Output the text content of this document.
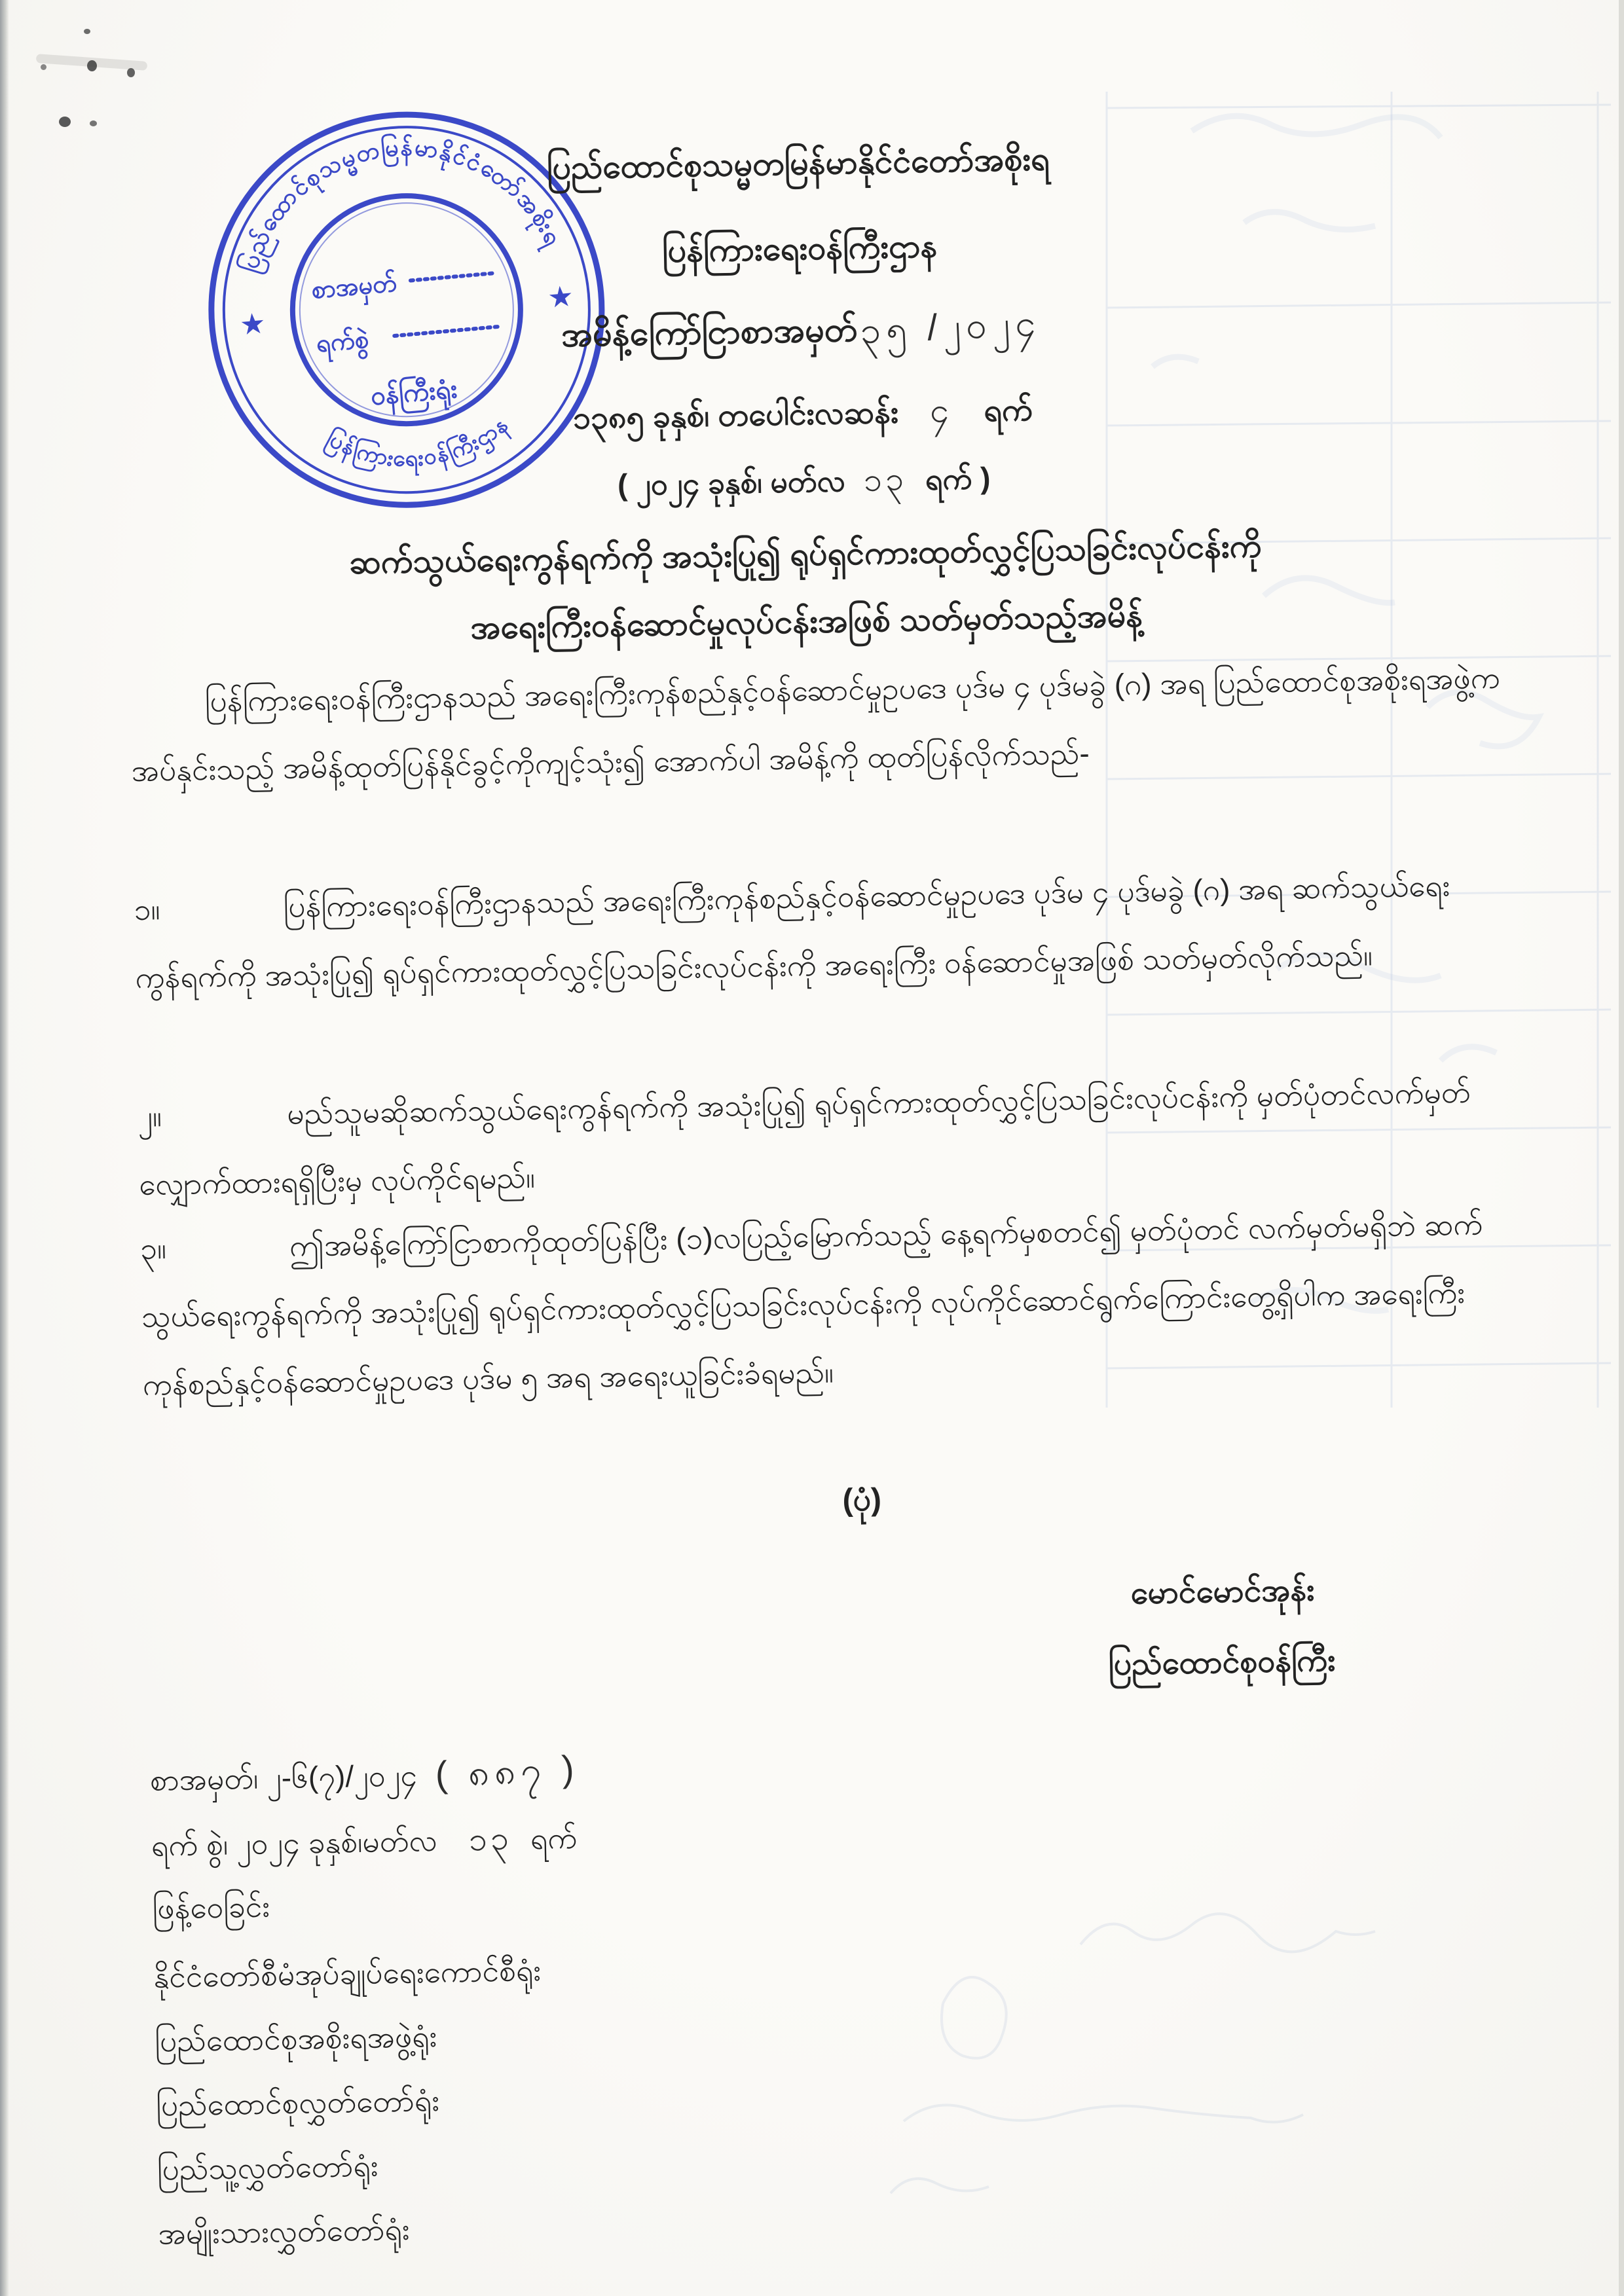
ပြည်ထောင်စုသမ္မတမြန်မာနိုင်ငံတော်အစိုးရ
ပြန်ကြားရေးဝန်ကြီးဌာန
★
★
စာအမှတ်
ရက်စွဲ
ဝန်ကြီးရုံး
ပြည်ထောင်စုသမ္မတမြန်မာနိုင်ငံတော်အစိုးရ
ပြန်ကြားရေးဝန်ကြီးဌာန
အမိန့်ကြော်ငြာစာအမှတ် ၃၅ /၂၀၂၄
၁၃၈၅ ခုနှစ်၊ တပေါင်းလဆန်း ၄ ရက်
( ၂၀၂၄ ခုနှစ်၊ မတ်လ ၁၃ ရက် )
ဆက်သွယ်ရေးကွန်ရက်ကို အသုံးပြု၍ ရုပ်ရှင်ကားထုတ်လွှင့်ပြသခြင်းလုပ်ငန်းကို
အရေးကြီးဝန်ဆောင်မှုလုပ်ငန်းအဖြစ် သတ်မှတ်သည့်အမိန့်
ပြန်ကြားရေးဝန်ကြီးဌာနသည် အရေးကြီးကုန်စည်နှင့်ဝန်ဆောင်မှုဥပဒေ ပုဒ်မ ၄ ပုဒ်မခွဲ (ဂ) အရ ပြည်ထောင်စုအစိုးရအဖွဲ့က အပ်နှင်းသည့် အမိန့်ထုတ်ပြန်နိုင်ခွင့်ကိုကျင့်သုံး၍ အောက်ပါ အမိန့်ကို ထုတ်ပြန်လိုက်သည်-
၁။	ပြန်ကြားရေးဝန်ကြီးဌာနသည် အရေးကြီးကုန်စည်နှင့်ဝန်ဆောင်မှုဥပဒေ ပုဒ်မ ၄ ပုဒ်မခွဲ (ဂ) အရ ဆက်သွယ်ရေးကွန်ရက်ကို အသုံးပြု၍ ရုပ်ရှင်ကားထုတ်လွှင့်ပြသခြင်းလုပ်ငန်းကို အရေးကြီး ဝန်ဆောင်မှုအဖြစ် သတ်မှတ်လိုက်သည်။
၂။	မည်သူမဆိုဆက်သွယ်ရေးကွန်ရက်ကို အသုံးပြု၍ ရုပ်ရှင်ကားထုတ်လွှင့်ပြသခြင်းလုပ်ငန်းကို မှတ်ပုံတင်လက်မှတ် လျှောက်ထားရရှိပြီးမှ လုပ်ကိုင်ရမည်။
၃။	ဤအမိန့်ကြော်ငြာစာကိုထုတ်ပြန်ပြီး (၁)လပြည့်မြောက်သည့် နေ့ရက်မှစတင်၍ မှတ်ပုံတင် လက်မှတ်မရှိဘဲ ဆက်သွယ်ရေးကွန်ရက်ကို အသုံးပြု၍ ရုပ်ရှင်ကားထုတ်လွှင့်ပြသခြင်းလုပ်ငန်းကို လုပ်ကိုင်ဆောင်ရွက်ကြောင်းတွေ့ရှိပါက အရေးကြီးကုန်စည်နှင့်ဝန်ဆောင်မှုဥပဒေ ပုဒ်မ ၅ အရ အရေးယူခြင်းခံရမည်။
(ပုံ)
မောင်မောင်အုန်း
ပြည်ထောင်စုဝန်ကြီး
စာအမှတ်၊ ၂-၆(၇)/၂၀၂၄ ( ၈၈၇ )
ရက် စွဲ၊ ၂၀၂၄ ခုနှစ်၊မတ်လ ၁၃ ရက်
ဖြန့်ဝေခြင်း
နိုင်ငံတော်စီမံအုပ်ချုပ်ရေးကောင်စီရုံး
ပြည်ထောင်စုအစိုးရအဖွဲ့ရုံး
ပြည်ထောင်စုလွှတ်တော်ရုံး
ပြည်သူ့လွှတ်တော်ရုံး
အမျိုးသားလွှတ်တော်ရုံး
